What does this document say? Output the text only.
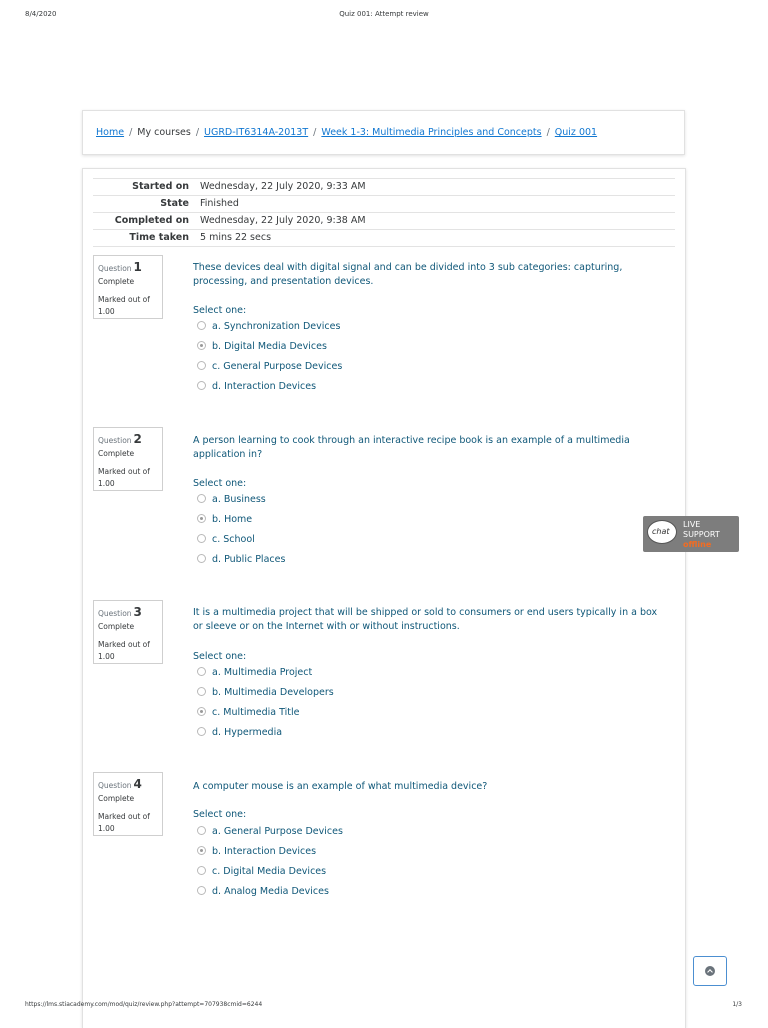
8/4/2020	Quiz 001: Attempt review
Home / My courses / UGRD-IT6314A-2013T / Week 1-3: Multimedia Principles and Concepts / Quiz 001
Started on Wednesday, 22 July 2020, 9:33 AM
State Finished
Completed on Wednesday, 22 July 2020, 9:38 AM
Time taken 5 mins 22 secs
Question 1
Complete
Marked out of 1.00
These devices deal with digital signal and can be divided into 3 sub categories: capturing, processing, and presentation devices.
Select one:
a. Synchronization Devices
b. Digital Media Devices
c. General Purpose Devices
d. Interaction Devices
Question 2
Complete
Marked out of 1.00
A person learning to cook through an interactive recipe book is an example of a multimedia application in?
Select one:
a. Business
b. Home
c. School
d. Public Places
Question 3
Complete
Marked out of 1.00
It is a multimedia project that will be shipped or sold to consumers or end users typically in a box or sleeve or on the Internet with or without instructions.
Select one:
a. Multimedia Project
b. Multimedia Developers
c. Multimedia Title
d. Hypermedia
Question 4
Complete
Marked out of 1.00
A computer mouse is an example of what multimedia device?
Select one:
a. General Purpose Devices
b. Interaction Devices
c. Digital Media Devices
d. Analog Media Devices
chat
LIVE
SUPPORT
offline
https://lms.stiacademy.com/mod/quiz/review.php?attempt=707938cmid=6244	1/3
